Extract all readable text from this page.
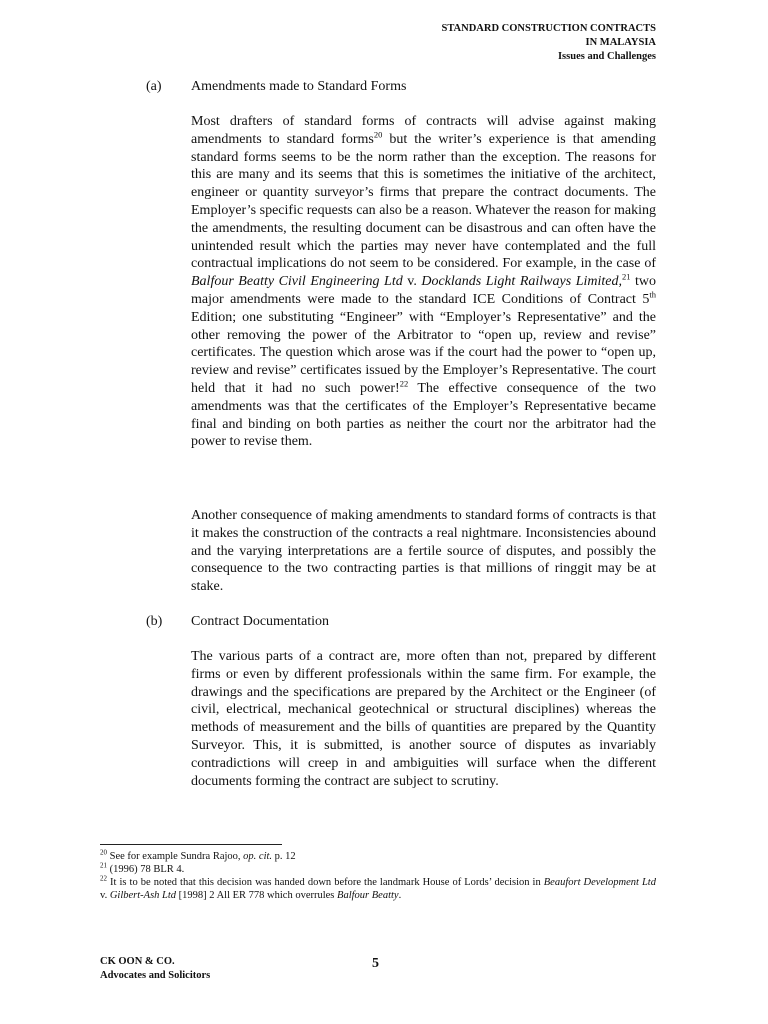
STANDARD CONSTRUCTION CONTRACTS
IN MALAYSIA
Issues and Challenges
(a) Amendments made to Standard Forms

Most drafters of standard forms of contracts will advise against making amendments to standard forms$^{20}$ but the writer’s experience is that amending standard forms seems to be the norm rather than the exception. The reasons for this are many and its seems that this is sometimes the initiative of the architect, engineer or quantity surveyor’s firms that prepare the contract documents. The Employer’s specific requests can also be a reason. Whatever the reason for making the amendments, the resulting document can be disastrous and can often have the unintended result which the parties may never have contemplated and the full contractual implications do not seem to be considered. For example, in the case of Balfour Beatty Civil Engineering Ltd v. Docklands Light Railways Limited,$^{21}$ two major amendments were made to the standard ICE Conditions of Contract 5th Edition; one substituting “Engineer” with “Employer’s Representative” and the other removing the power of the Arbitrator to “open up, review and revise” certificates. The question which arose was if the court had the power to “open up, review and revise” certificates issued by the Employer’s Representative. The court held that it had no such power!$^{22}$ The effective consequence of the two amendments was that the certificates of the Employer’s Representative became final and binding on both parties as neither the court nor the arbitrator had the power to revise them.

Another consequence of making amendments to standard forms of contracts is that it makes the construction of the contracts a real nightmare. Inconsistencies abound and the varying interpretations are a fertile source of disputes, and possibly the consequence to the two contracting parties is that millions of ringgit may be at stake.

(b) Contract Documentation

The various parts of a contract are, more often than not, prepared by different firms or even by different professionals within the same firm. For example, the drawings and the specifications are prepared by the Architect or the Engineer (of civil, electrical, mechanical geotechnical or structural disciplines) whereas the methods of measurement and the bills of quantities are prepared by the Quantity Surveyor. This, it is submitted, is another source of disputes as invariably contradictions will creep in and ambiguities will surface when the different documents forming the contract are subject to scrutiny.

$^{20}$ See for example Sundra Rajoo, op. cit. p. 12

$^{21}$ (1996) 78 BLR 4.

$^{22}$ It is to be noted that this decision was handed down before the landmark House of Lords’ decision in Beaufort Development Ltd v. Gilbert-Ash Ltd [1998] 2 All ER 778 which overrules Balfour Beatty.

CK OON & CO.
Advocates and Solicitors
5
